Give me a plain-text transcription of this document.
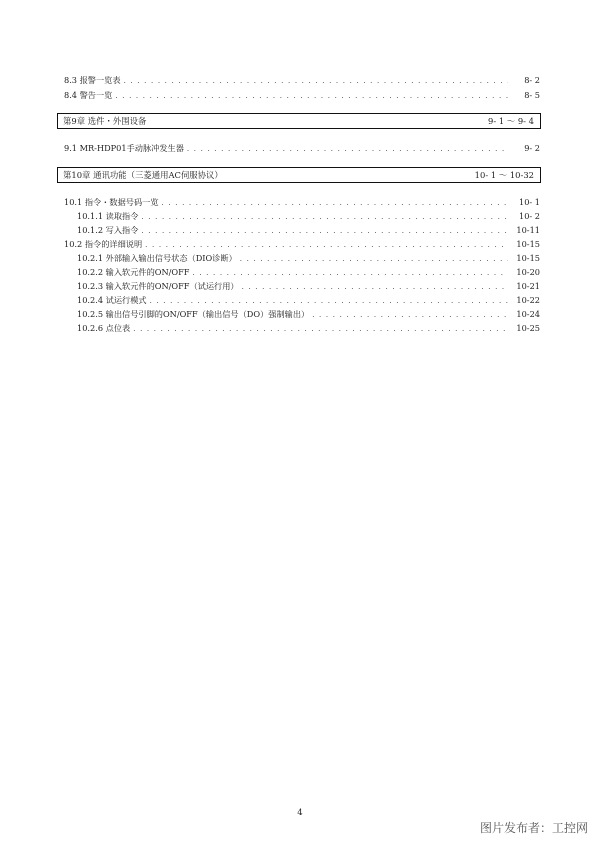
8.3 报警一览表 . . .	8- 2
8.4 警告一览 . . .	8- 5
第9章 选件・外围设备	9- 1 ～ 9- 4
9.1 MR-HDP01手动脉冲发生器 . . .	9- 2
第10章 通讯功能（三菱通用AC伺服协议）	10- 1 ～ 10-32
10.1 指令・数据号码一览 . . .	10- 1
10.1.1 读取指令 . . .	10- 2
10.1.2 写入指令 . . .	10-11
10.2 指令的详细说明 . . .	10-15
10.2.1 外部输入输出信号状态（DIO诊断） . . .	10-15
10.2.2 输入软元件的ON/OFF . . .	10-20
10.2.3 输入软元件的ON/OFF（试运行用） . . .	10-21
10.2.4 试运行模式 . . .	10-22
10.2.5 输出信号引脚的ON/OFF（输出信号（DO）强制输出） . . .	10-24
10.2.6 点位表 . . .	10-25
4
图片发布者：工控网
